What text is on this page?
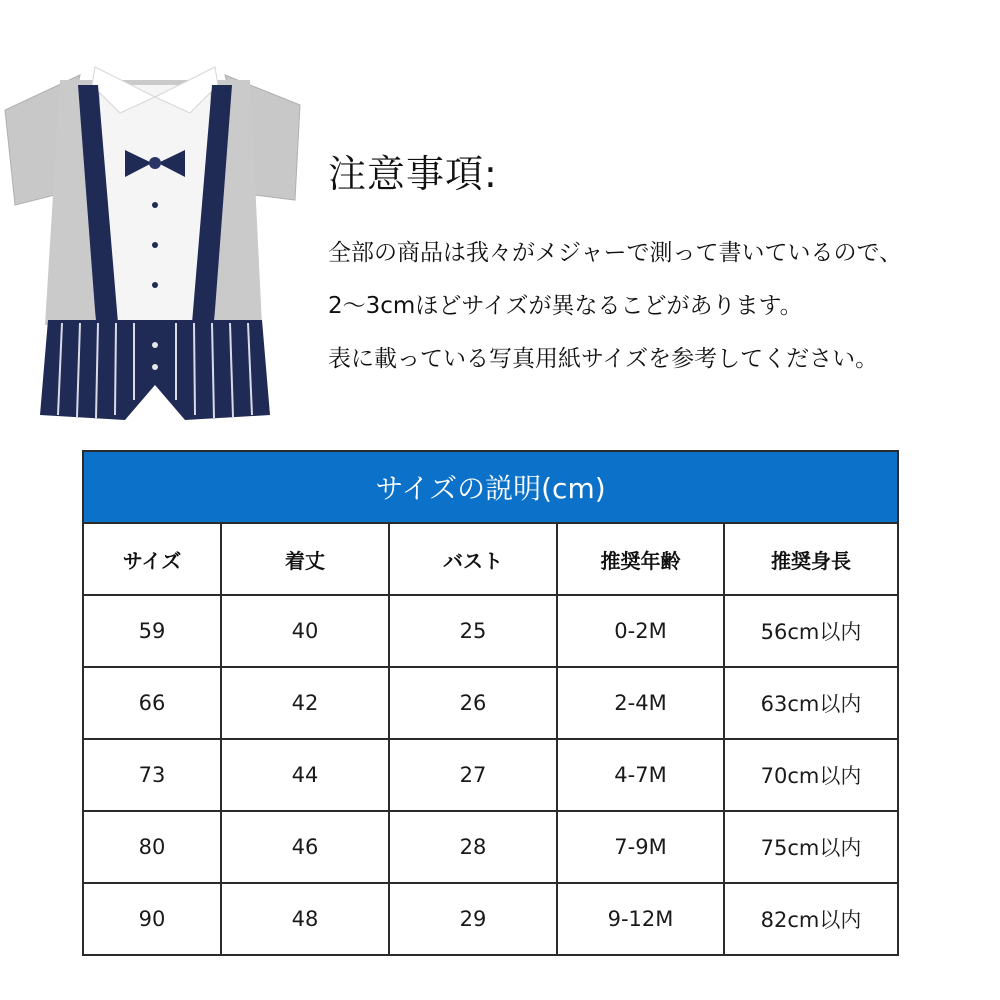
注意事項:
全部の商品は我々がメジャーで測って書いているので、
2～3cmほどサイズが異なるこどがあります。
表に載っている写真用紙サイズを参考してください。
サイズの説明(cm)				
サイズ	着丈	バスト	推奨年齢	推奨身長
59	40	25	0-2M	56cm以内
66	42	26	2-4M	63cm以内
73	44	27	4-7M	70cm以内
80	46	28	7-9M	75cm以内
90	48	29	9-12M	82cm以内
